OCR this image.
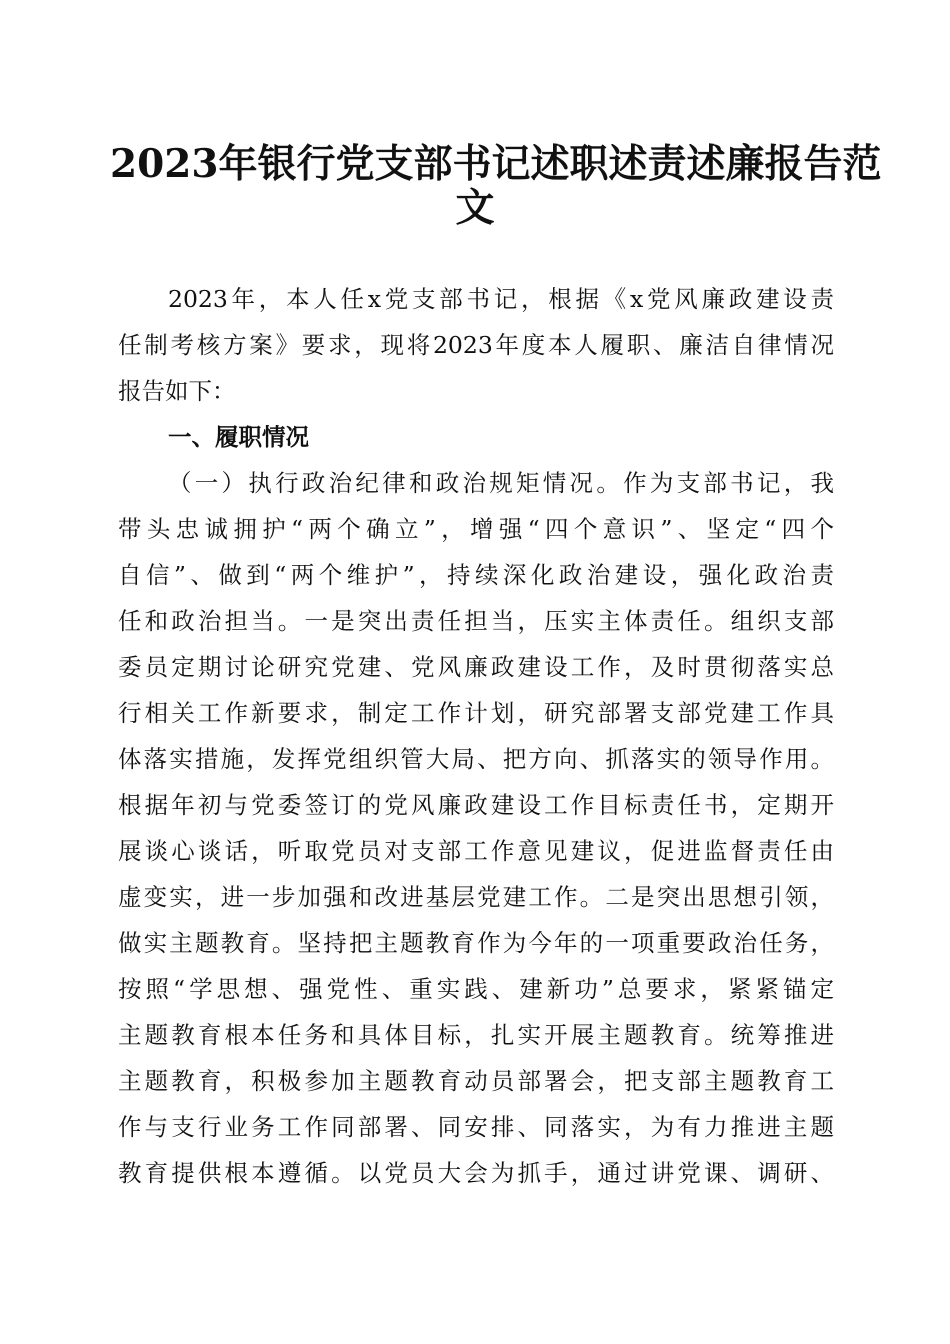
2023年银行党支部书记述职述责述廉报告范
文
2023年，本人任x党支部书记，根据《x党风廉政建设责
任制考核方案》要求，现将2023年度本人履职、廉洁自律情况
报告如下：
一、履职情况
（一）执行政治纪律和政治规矩情况。作为支部书记，我
带头忠诚拥护“两个确立”，增强“四个意识”、坚定“四个
自信”、做到“两个维护”，持续深化政治建设，强化政治责
任和政治担当。一是突出责任担当，压实主体责任。组织支部
委员定期讨论研究党建、党风廉政建设工作，及时贯彻落实总
行相关工作新要求，制定工作计划，研究部署支部党建工作具
体落实措施，发挥党组织管大局、把方向、抓落实的领导作用。
根据年初与党委签订的党风廉政建设工作目标责任书，定期开
展谈心谈话，听取党员对支部工作意见建议，促进监督责任由
虚变实，进一步加强和改进基层党建工作。二是突出思想引领，
做实主题教育。坚持把主题教育作为今年的一项重要政治任务，
按照“学思想、强党性、重实践、建新功”总要求，紧紧锚定
主题教育根本任务和具体目标，扎实开展主题教育。统筹推进
主题教育，积极参加主题教育动员部署会，把支部主题教育工
作与支行业务工作同部署、同安排、同落实，为有力推进主题
教育提供根本遵循。以党员大会为抓手，通过讲党课、调研、
